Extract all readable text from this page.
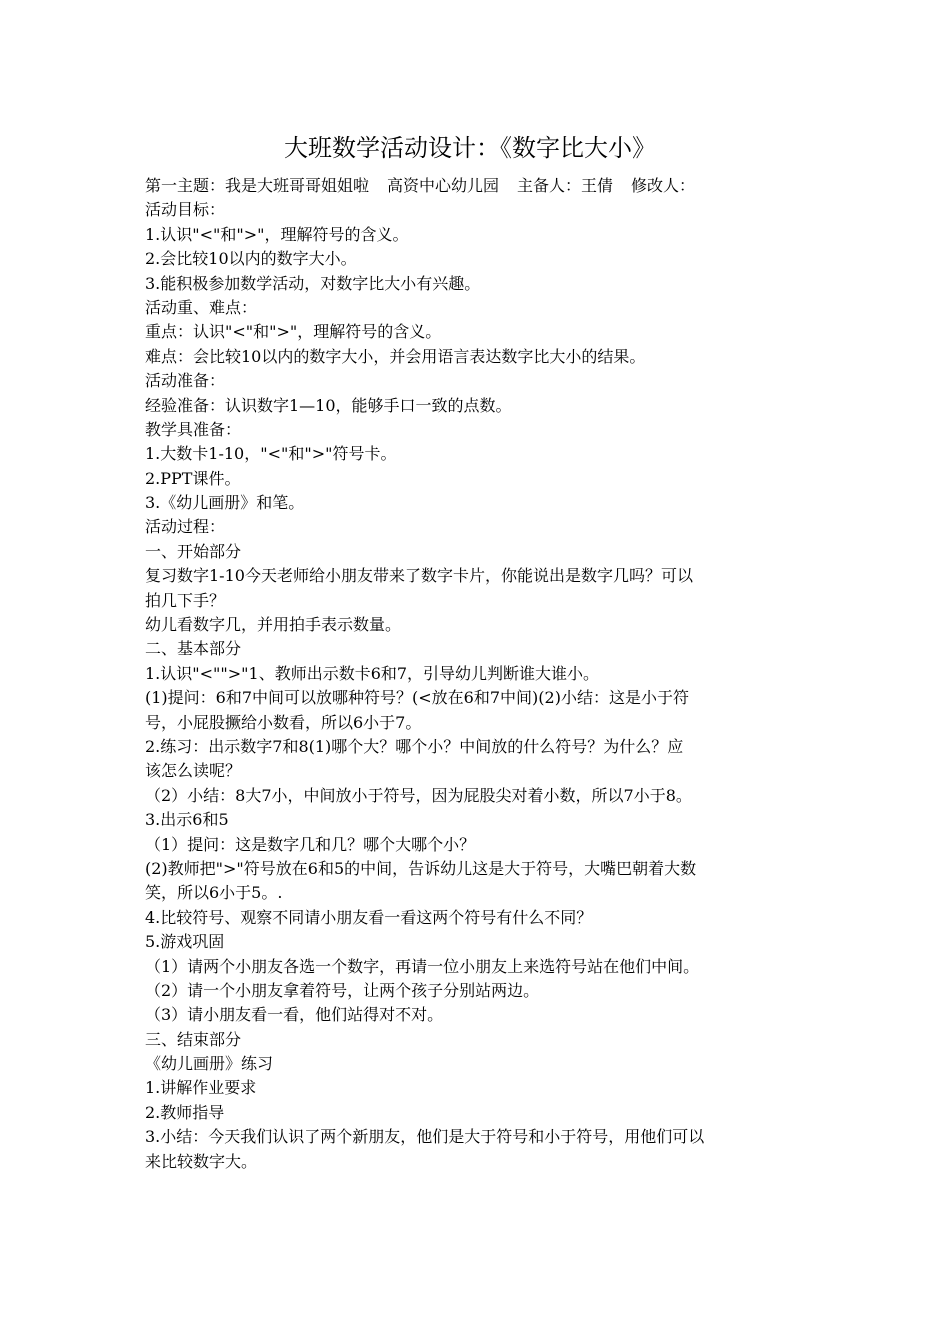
大班数学活动设计：《数字比大小》
第一主题：我是大班哥哥姐姐啦 高资中心幼儿园 主备人：王倩 修改人：
活动目标：
1.认识"<"和">"，理解符号的含义。
2.会比较10以内的数字大小。
3.能积极参加数学活动，对数字比大小有兴趣。
活动重、难点：
重点：认识"<"和">"，理解符号的含义。
难点：会比较10以内的数字大小，并会用语言表达数字比大小的结果。
活动准备：
经验准备：认识数字1—10，能够手口一致的点数。
教学具准备：
1.大数卡1-10，"<"和">"符号卡。
2.PPT课件。
3.《幼儿画册》和笔。
活动过程：
一、开始部分
复习数字1-10今天老师给小朋友带来了数字卡片，你能说出是数字几吗？可以
拍几下手？
幼儿看数字几，并用拍手表示数量。
二、基本部分
1.认识"<"">"1、教师出示数卡6和7，引导幼儿判断谁大谁小。
(1)提问：6和7中间可以放哪种符号？(<放在6和7中间)(2)小结：这是小于符
号，小屁股撅给小数看，所以6小于7。
2.练习：出示数字7和8(1)哪个大？哪个小？中间放的什么符号？为什么？应
该怎么读呢？
（2）小结：8大7小，中间放小于符号，因为屁股尖对着小数，所以7小于8。
3.出示6和5
（1）提问：这是数字几和几？哪个大哪个小？
(2)教师把">"符号放在6和5的中间，告诉幼儿这是大于符号，大嘴巴朝着大数
笑，所以6小于5。.
4.比较符号、观察不同请小朋友看一看这两个符号有什么不同？
5.游戏巩固
（1）请两个小朋友各选一个数字，再请一位小朋友上来选符号站在他们中间。
（2）请一个小朋友拿着符号，让两个孩子分别站两边。
（3）请小朋友看一看，他们站得对不对。
三、结束部分
《幼儿画册》练习
1.讲解作业要求
2.教师指导
3.小结：今天我们认识了两个新朋友，他们是大于符号和小于符号，用他们可以
来比较数字大。
